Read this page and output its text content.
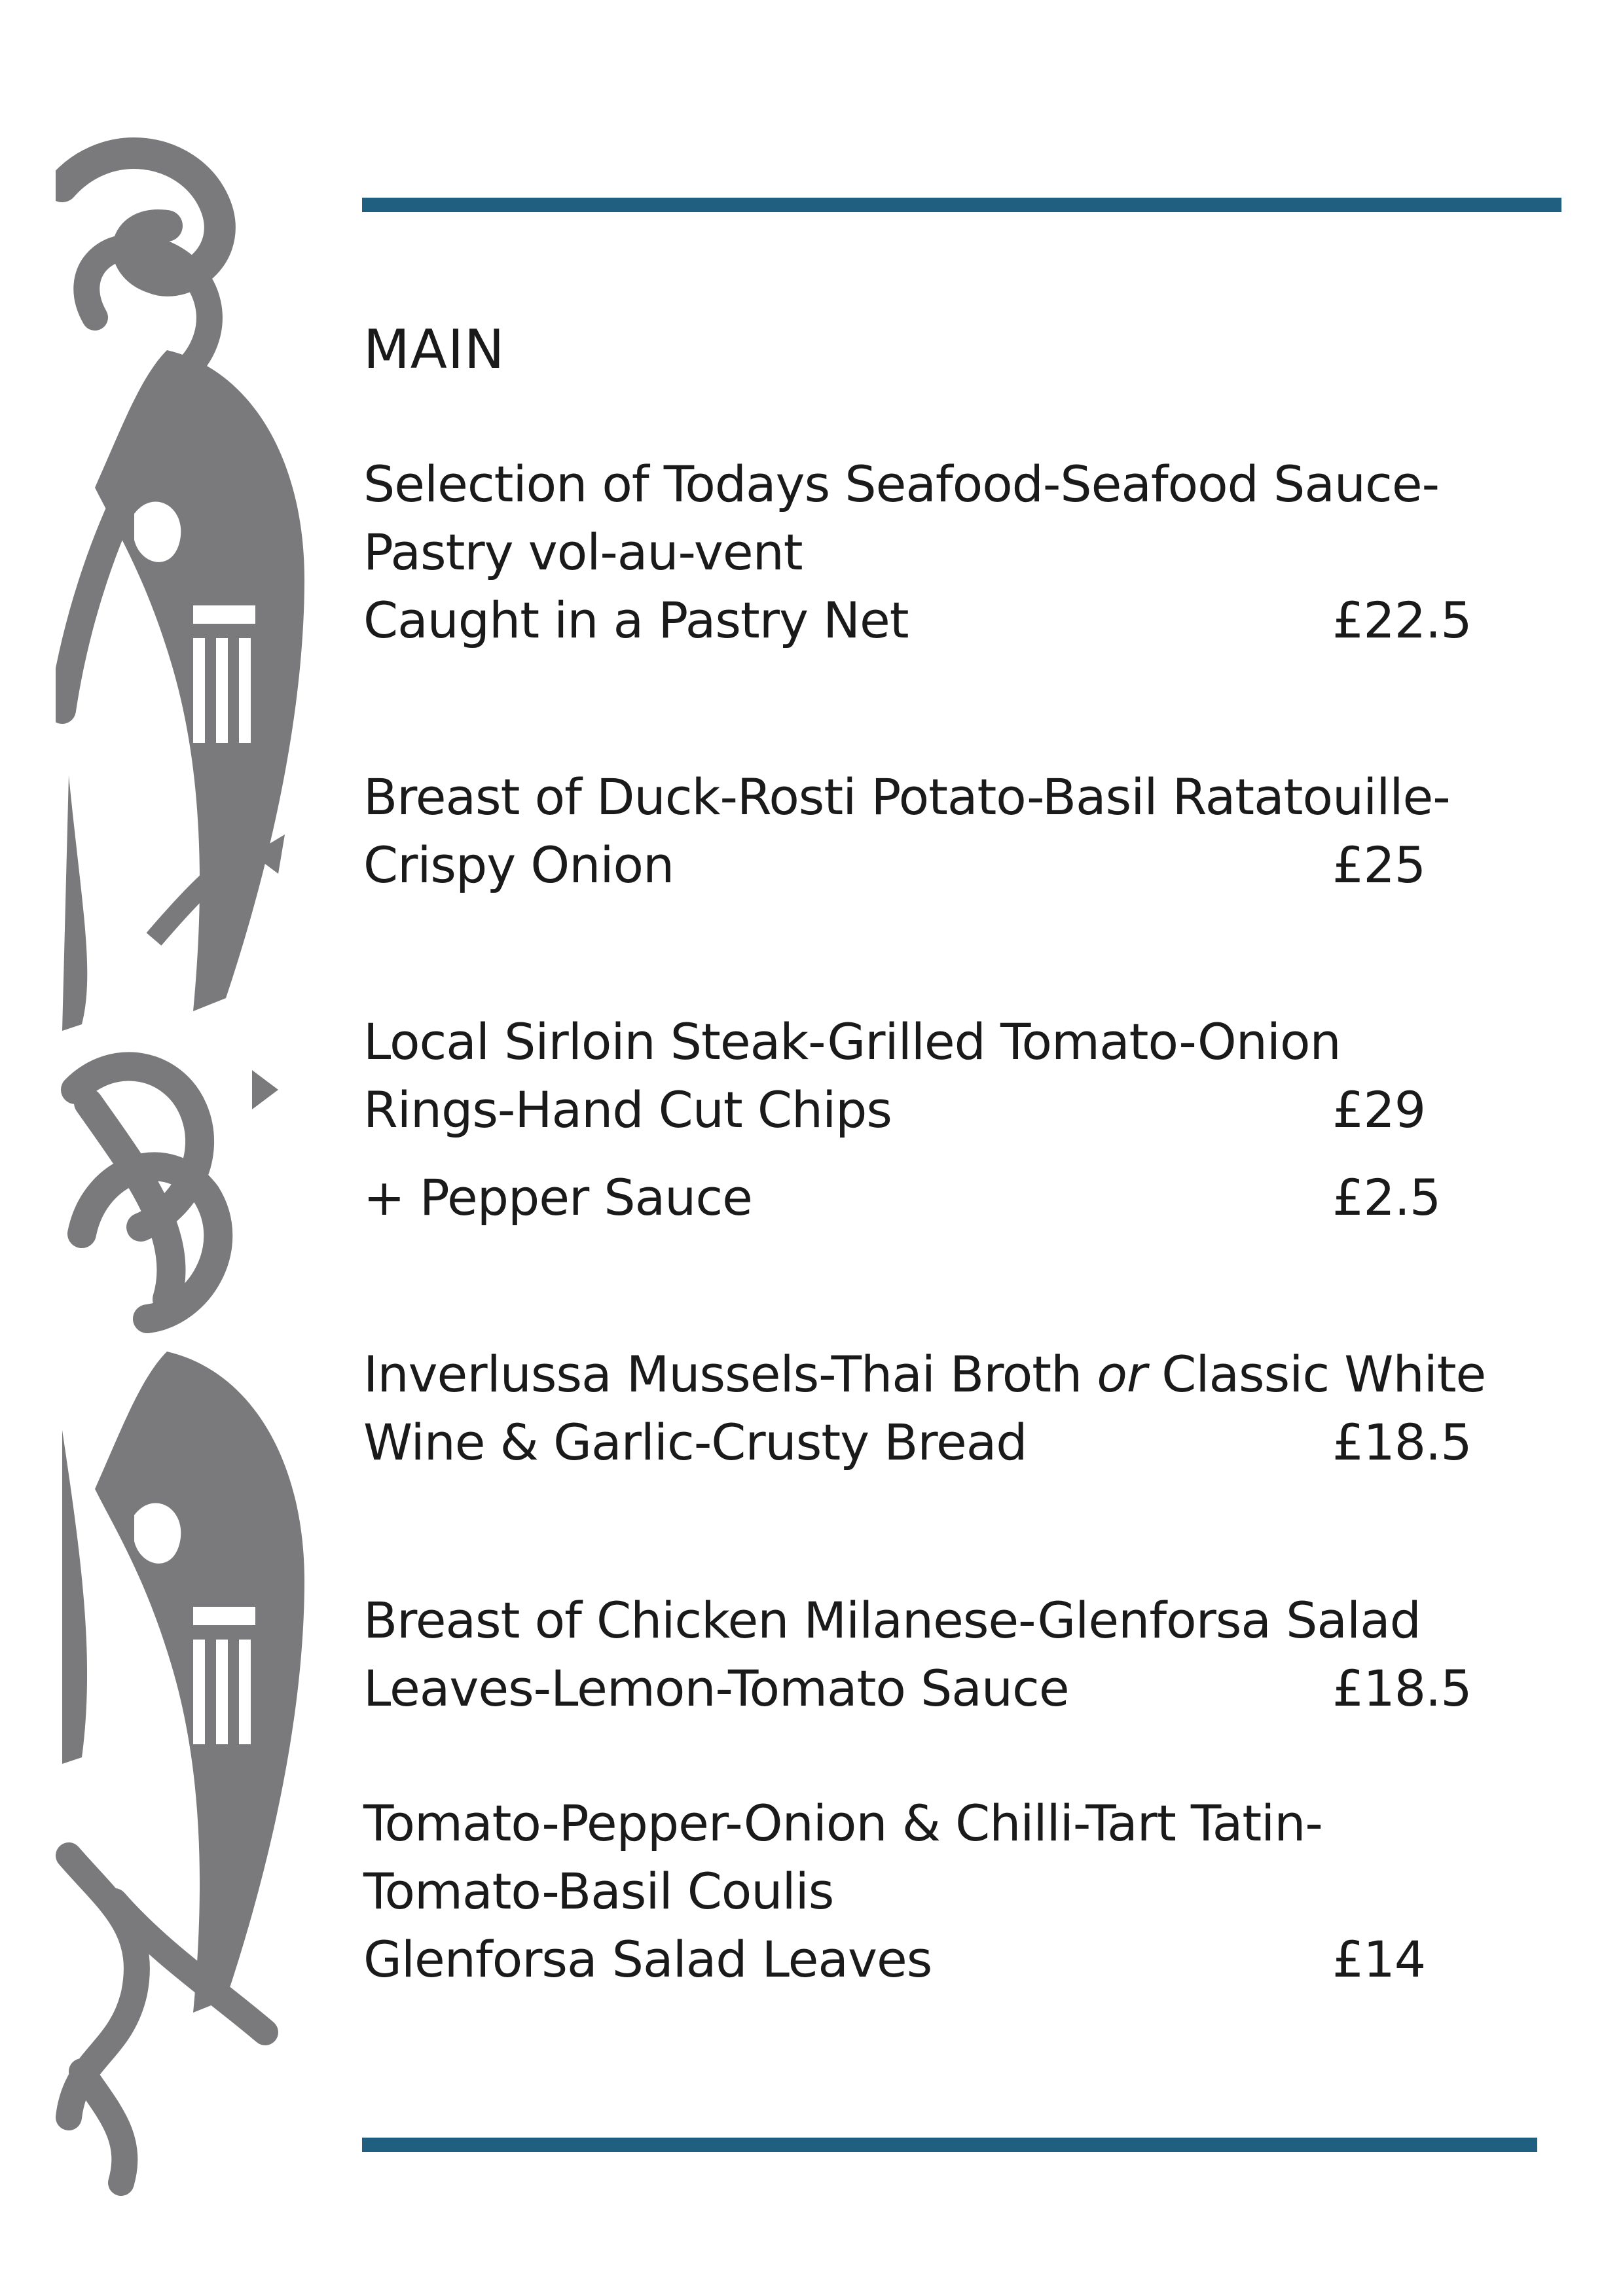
MAIN
Selection of Todays Seafood-Seafood Sauce-
Pastry vol-au-vent
Caught in a Pastry Net	£22.5
Breast of Duck-Rosti Potato-Basil Ratatouille-
Crispy Onion	£25
Local Sirloin Steak-Grilled Tomato-Onion
Rings-Hand Cut Chips	£29
+ Pepper Sauce	£2.5
Inverlussa Mussels-Thai Broth or Classic White
Wine & Garlic-Crusty Bread	£18.5
Breast of Chicken Milanese-Glenforsa Salad
Leaves-Lemon-Tomato Sauce	£18.5
Tomato-Pepper-Onion & Chilli-Tart Tatin-
Tomato-Basil Coulis
Glenforsa Salad Leaves	£14
